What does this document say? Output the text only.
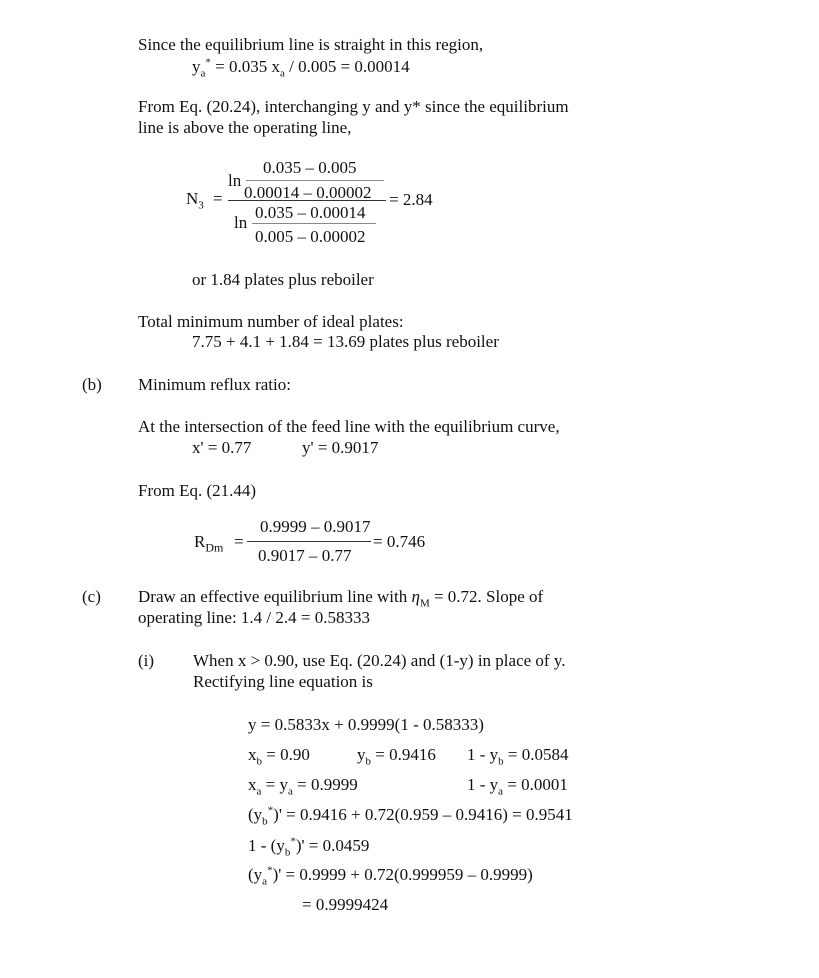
Since the equilibrium line is straight in this region,
$y_a^* = 0.035$ $x_a / 0.005 = 0.00014$
From Eq. (20.24), interchanging y and y* since the equilibrium
line is above the operating line,
$N_3$ =
ln
0.035 – 0.005
0.00014 – 0.00002
ln
0.035 – 0.00014
0.005 – 0.00002
= 2.84
or 1.84 plates plus reboiler
Total minimum number of ideal plates:
7.75 + 4.1 + 1.84 = 13.69 plates plus reboiler
(b) Minimum reflux ratio:
At the intersection of the feed line with the equilibrium curve,
x' = 0.77	y' = 0.9017
From Eq. (21.44)
$R_{Dm}$ =
0.9999 – 0.9017
0.9017 – 0.77
= 0.746
(c) Draw an effective equilibrium line with $\eta_M = 0.72$. Slope of
operating line: 1.4 / 2.4 = 0.58333
(i) When x > 0.90, use Eq. (20.24) and (1-y) in place of y.
Rectifying line equation is
y = 0.5833x + 0.9999(1 - 0.58333)
$x_b = 0.90$	$y_b = 0.9416$ $1 - y_b = 0.0584$
$x_a = y_a = 0.9999$	$1 - y_a = 0.0001$
$(y_b^*)' = 0.9416 + 0.72(0.959 - 0.9416) = 0.9541$
$1 - (y_b^*)' = 0.0459$
$(y_a^*)' = 0.9999 + 0.72(0.999959 - 0.9999)$
= 0.9999424
